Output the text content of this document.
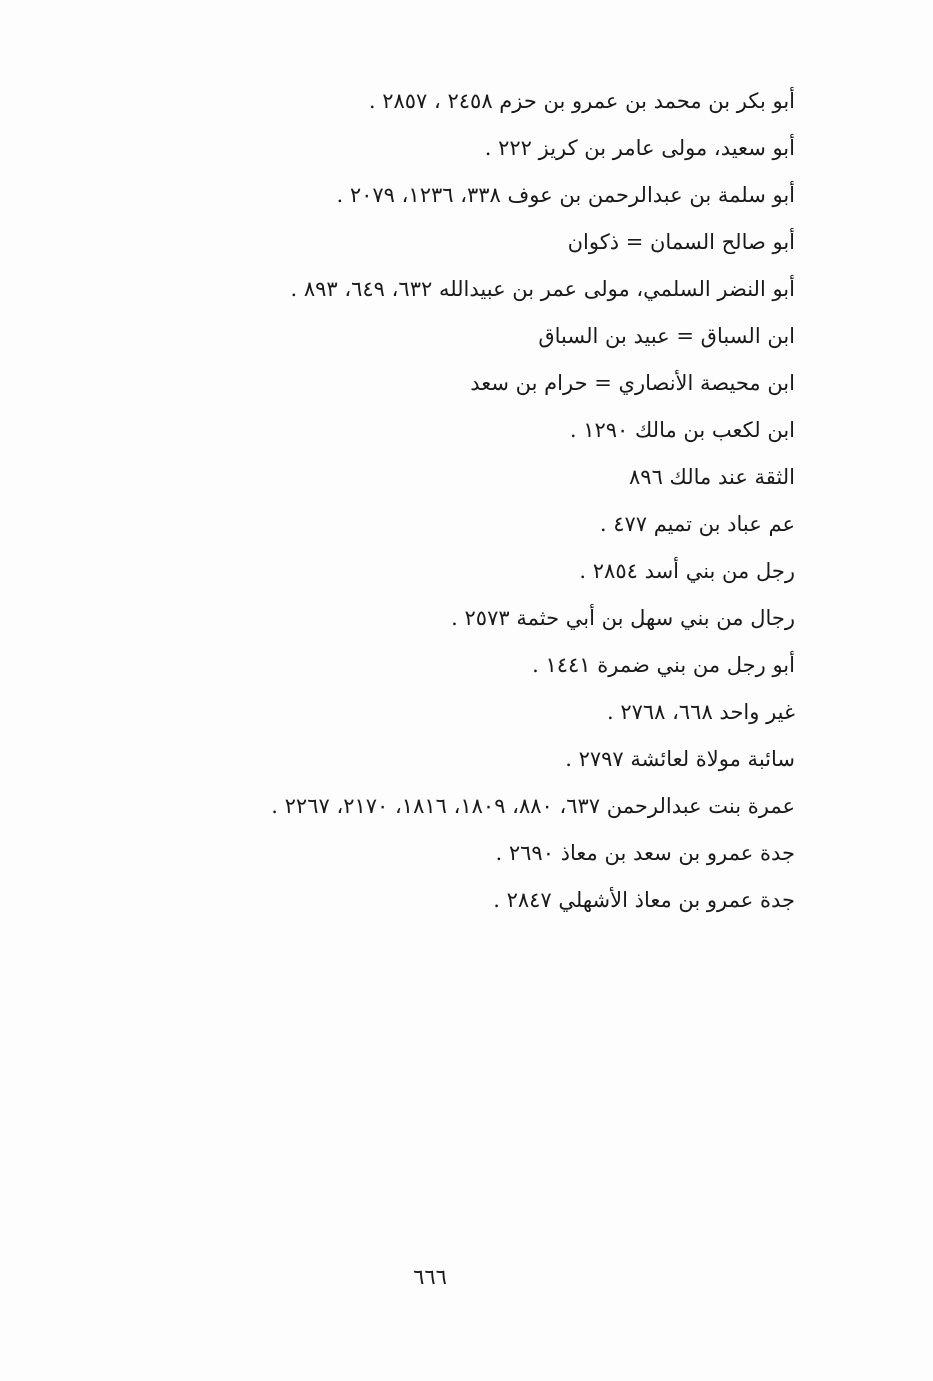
أبو بكر بن محمد بن عمرو بن حزم ٢٤٥٨ ، ٢٨٥٧ .
أبو سعيد، مولى عامر بن كريز ٢٢٢ .
أبو سلمة بن عبدالرحمن بن عوف ٣٣٨، ١٢٣٦، ٢٠٧٩ .
أبو صالح السمان = ذكوان
أبو النضر السلمي، مولى عمر بن عبيدالله ٦٣٢، ٦٤٩، ٨٩٣ .
ابن السباق = عبيد بن السباق
ابن محيصة الأنصاري = حرام بن سعد
ابن لكعب بن مالك ١٢٩٠ .
الثقة عند مالك ٨٩٦
عم عباد بن تميم ٤٧٧ .
رجل من بني أسد ٢٨٥٤ .
رجال من بني سهل بن أبي حثمة ٢٥٧٣ .
أبو رجل من بني ضمرة ١٤٤١ .
غير واحد ٦٦٨، ٢٧٦٨ .
سائبة مولاة لعائشة ٢٧٩٧ .
عمرة بنت عبدالرحمن ٦٣٧، ٨٨٠، ١٨٠٩، ١٨١٦، ٢١٧٠، ٢٢٦٧ .
جدة عمرو بن سعد بن معاذ ٢٦٩٠ .
جدة عمرو بن معاذ الأشهلي ٢٨٤٧ .
٦٦٦
